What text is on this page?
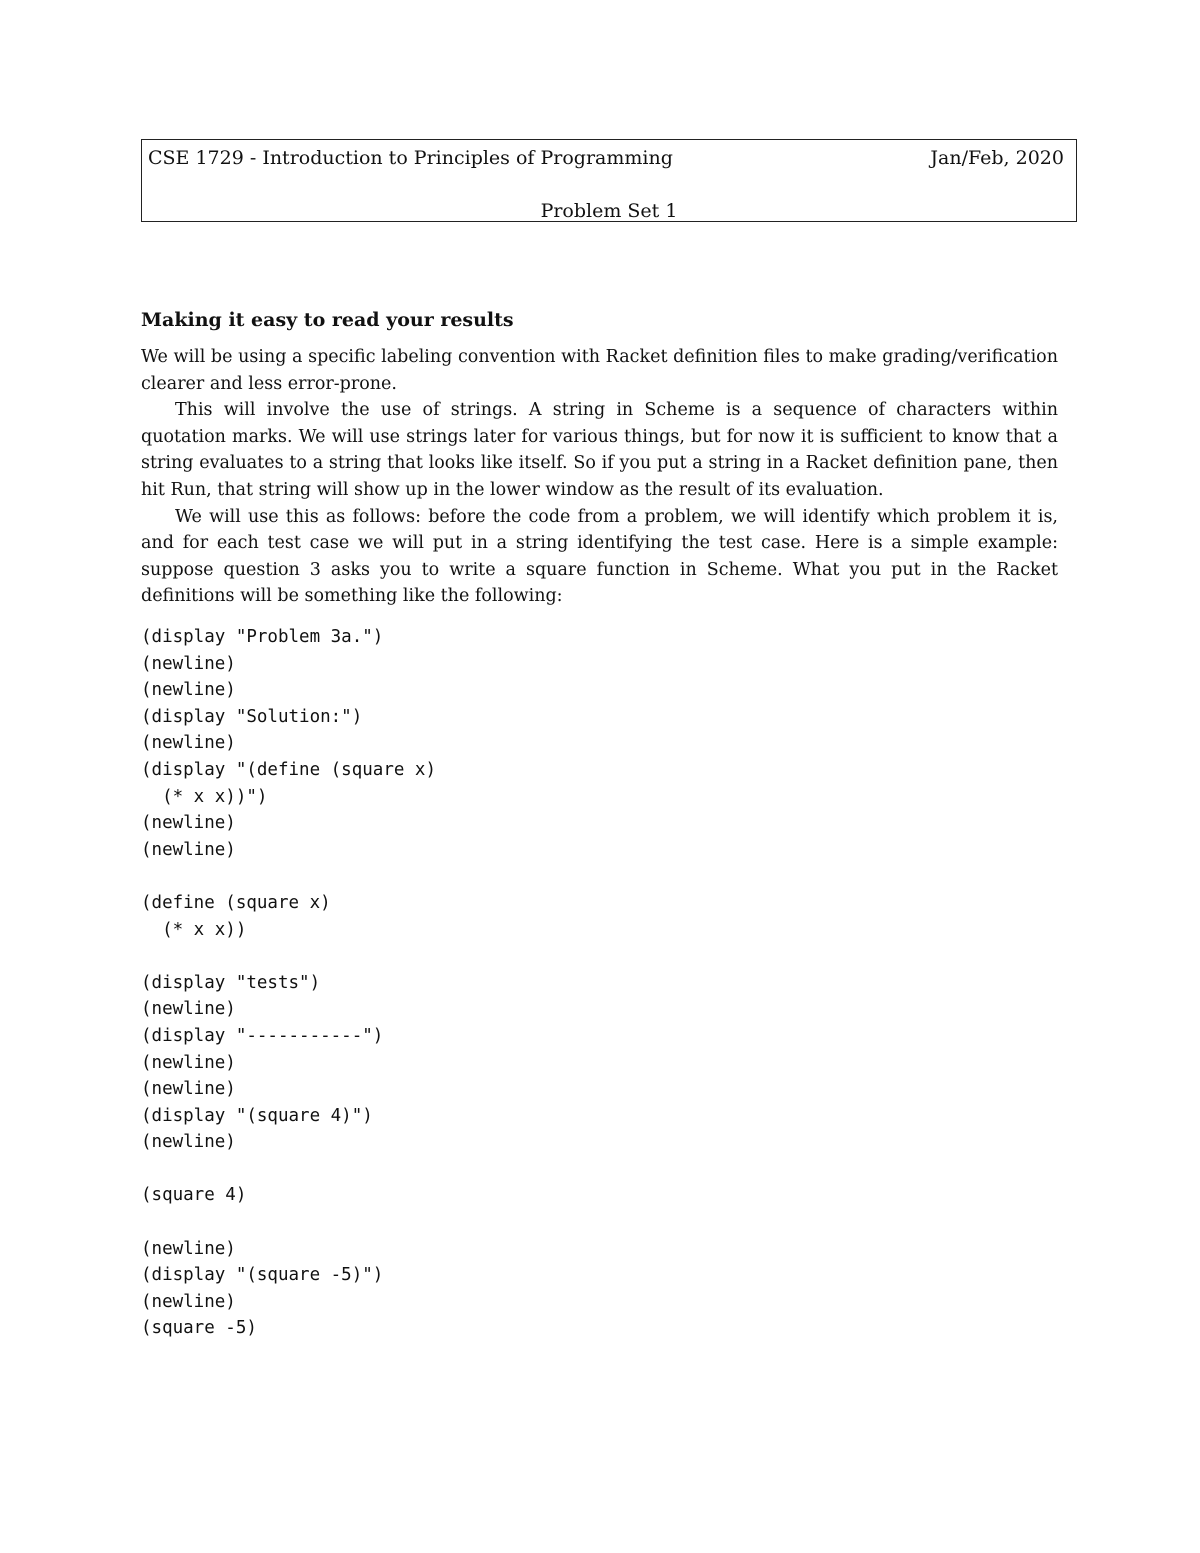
CSE 1729 - Introduction to Principles of Programming	Jan/Feb, 2020
Problem Set 1
Making it easy to read your results

We will be using a specific labeling convention with Racket definition files to make grading/verification clearer and less error-prone.

This will involve the use of strings. A string in Scheme is a sequence of characters within quotation marks. We will use strings later for various things, but for now it is sufficient to know that a string evaluates to a string that looks like itself. So if you put a string in a Racket definition pane, then hit Run, that string will show up in the lower window as the result of its evaluation.

We will use this as follows: before the code from a problem, we will identify which problem it is, and for each test case we will put in a string identifying the test case. Here is a simple example: suppose question 3 asks you to write a square function in Scheme. What you put in the Racket definitions will be something like the following:

(display "Problem 3a.")
(newline)
(newline)
(display "Solution:")
(newline)
(display "(define (square x)
(* x x))")
(newline)
(newline)

(define (square x)
(* x x))

(display "tests")
(newline)
(display "-----------")
(newline)
(newline)
(display "(square 4)")
(newline)

(square 4)

(newline)
(display "(square -5)")
(newline)
(square -5)
